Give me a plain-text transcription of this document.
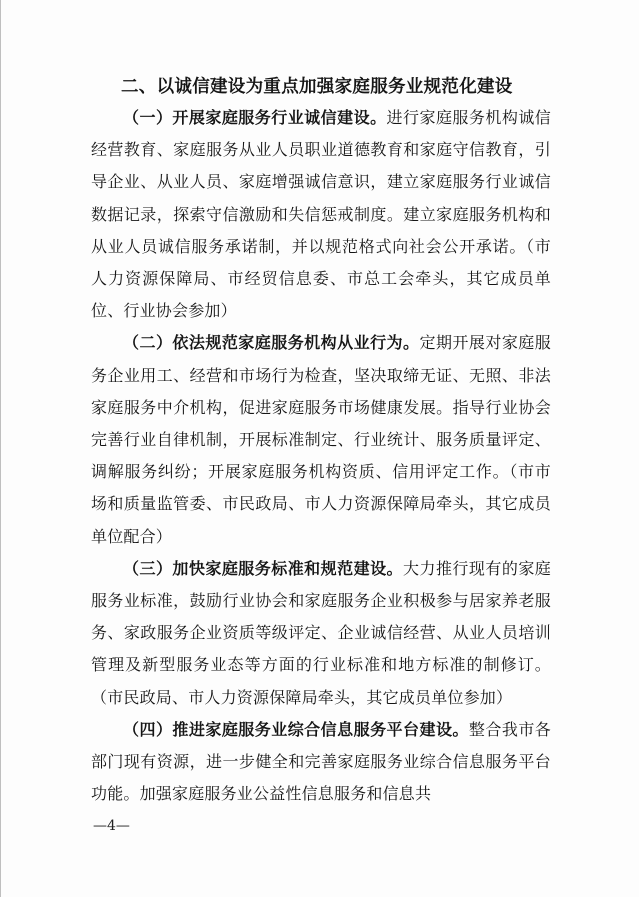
二、以诚信建设为重点加强家庭服务业规范化建设

（一）开展家庭服务行业诚信建设。进行家庭服务机构诚信经营教育、家庭服务从业人员职业道德教育和家庭守信教育，引导企业、从业人员、家庭增强诚信意识，建立家庭服务行业诚信数据记录，探索守信激励和失信惩戒制度。建立家庭服务机构和从业人员诚信服务承诺制，并以规范格式向社会公开承诺。（市人力资源保障局、市经贸信息委、市总工会牵头，其它成员单位、行业协会参加）

（二）依法规范家庭服务机构从业行为。定期开展对家庭服务企业用工、经营和市场行为检查，坚决取缔无证、无照、非法家庭服务中介机构，促进家庭服务市场健康发展。指导行业协会完善行业自律机制，开展标准制定、行业统计、服务质量评定、调解服务纠纷；开展家庭服务机构资质、信用评定工作。（市市场和质量监管委、市民政局、市人力资源保障局牵头，其它成员单位配合）

（三）加快家庭服务标准和规范建设。大力推行现有的家庭服务业标准，鼓励行业协会和家庭服务企业积极参与居家养老服务、家政服务企业资质等级评定、企业诚信经营、从业人员培训管理及新型服务业态等方面的行业标准和地方标准的制修订。（市民政局、市人力资源保障局牵头，其它成员单位参加）

（四）推进家庭服务业综合信息服务平台建设。整合我市各部门现有资源，进一步健全和完善家庭服务业综合信息服务平台功能。加强家庭服务业公益性信息服务和信息共

—4—
